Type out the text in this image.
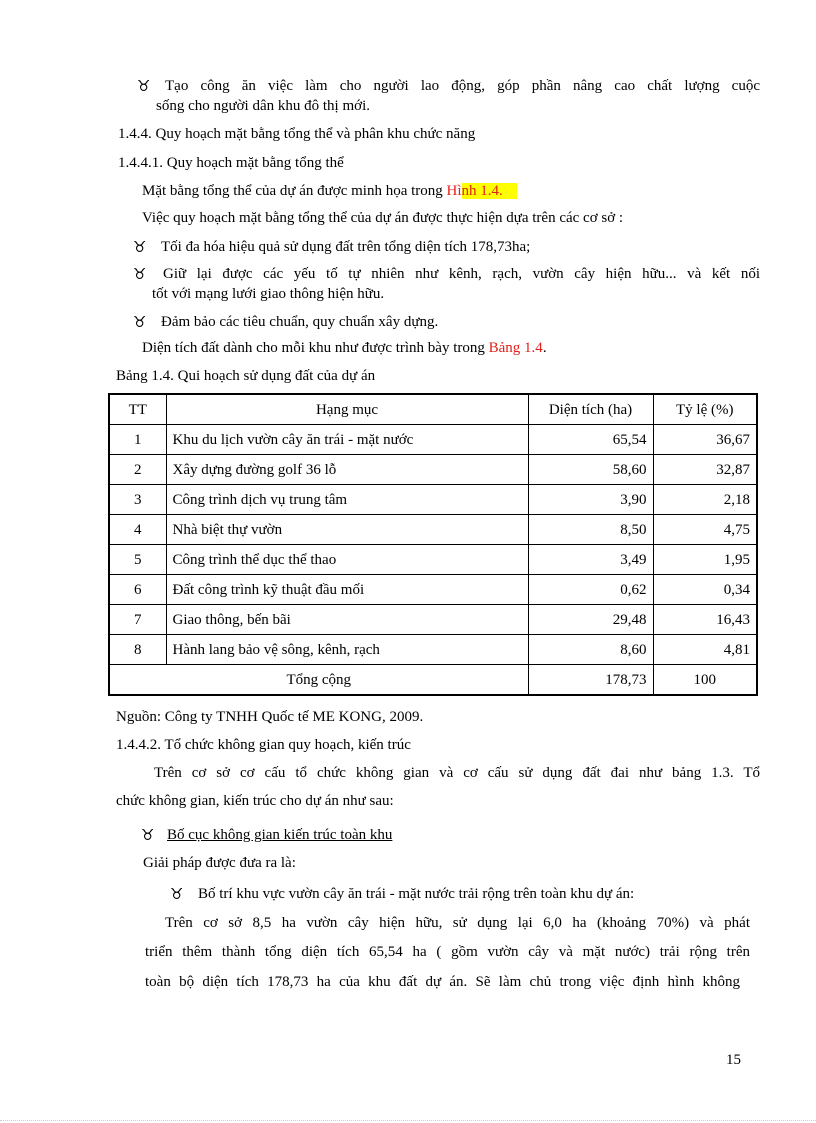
♉ Tạo công ăn việc làm cho người lao động, góp phần nâng cao chất lượng cuộc
sống cho người dân khu đô thị mới.
1.4.4. Quy hoạch mặt bằng tổng thể và phân khu chức năng
1.4.4.1. Quy hoạch mặt bằng tổng thể
Mặt bằng tổng thể của dự án được minh họa trong Hình 1.4.
Việc quy hoạch mặt bằng tổng thể của dự án được thực hiện dựa trên các cơ sở :
♉ Tối đa hóa hiệu quả sử dụng đất trên tổng diện tích 178,73ha;
♉ Giữ lại được các yếu tố tự nhiên như kênh, rạch, vườn cây hiện hữu... và kết nối
tốt với mạng lưới giao thông hiện hữu.
♉ Đảm bảo các tiêu chuẩn, quy chuẩn xây dựng.
Diện tích đất dành cho mỗi khu như được trình bày trong Bảng 1.4.
Bảng 1.4. Qui hoạch sử dụng đất của dự án
TT	Hạng mục	Diện tích (ha)	Tỷ lệ (%)
1	Khu du lịch vườn cây ăn trái - mặt nước	65,54	36,67
2	Xây dựng đường golf 36 lỗ	58,60	32,87
3	Công trình dịch vụ trung tâm	3,90	2,18
4	Nhà biệt thự vườn	8,50	4,75
5	Công trình thể dục thể thao	3,49	1,95
6	Đất công trình kỹ thuật đầu mối	0,62	0,34
7	Giao thông, bến bãi	29,48	16,43
8	Hành lang bảo vệ sông, kênh, rạch	8,60	4,81
Tổng cộng		178,73	100
Nguồn: Công ty TNHH Quốc tế ME KONG, 2009.
1.4.4.2. Tổ chức không gian quy hoạch, kiến trúc
Trên cơ sở cơ cấu tổ chức không gian và cơ cấu sử dụng đất đai như bảng 1.3. Tổ
chức không gian, kiến trúc cho dự án như sau:
♉ Bố cục không gian kiến trúc toàn khu
Giải pháp được đưa ra là:
♉ Bố trí khu vực vườn cây ăn trái - mặt nước trải rộng trên toàn khu dự án:
Trên cơ sở 8,5 ha vườn cây hiện hữu, sử dụng lại 6,0 ha (khoảng 70%) và phát
triển thêm thành tổng diện tích 65,54 ha ( gồm vườn cây và mặt nước) trải rộng trên
toàn bộ diện tích 178,73 ha của khu đất dự án. Sẽ làm chủ trong việc định hình không
15
